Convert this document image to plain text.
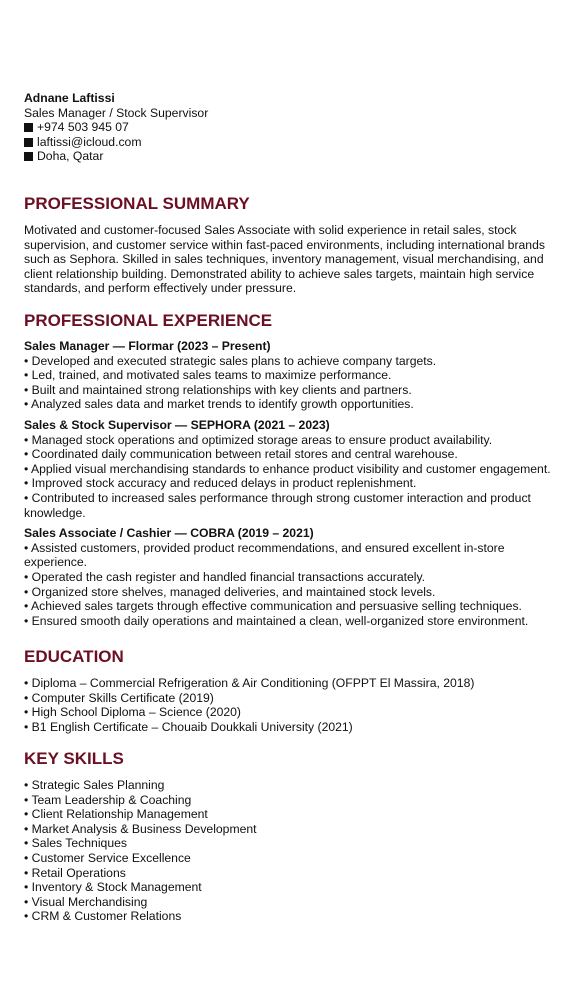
Adnane Laftissi
Sales Manager / Stock Supervisor
+974 503 945 07
laftissi@icloud.com
Doha, Qatar
PROFESSIONAL SUMMARY

Motivated and customer-focused Sales Associate with solid experience in retail sales, stock supervision, and customer service within fast-paced environments, including international brands such as Sephora. Skilled in sales techniques, inventory management, visual merchandising, and client relationship building. Demonstrated ability to achieve sales targets, maintain high service standards, and perform effectively under pressure.

PROFESSIONAL EXPERIENCE
Sales Manager — Flormar (2023 – Present)
• Developed and executed strategic sales plans to achieve company targets.
• Led, trained, and motivated sales teams to maximize performance.
• Built and maintained strong relationships with key clients and partners.
• Analyzed sales data and market trends to identify growth opportunities.
Sales & Stock Supervisor — SEPHORA (2021 – 2023)
• Managed stock operations and optimized storage areas to ensure product availability.
• Coordinated daily communication between retail stores and central warehouse.
• Applied visual merchandising standards to enhance product visibility and customer engagement.
• Improved stock accuracy and reduced delays in product replenishment.
• Contributed to increased sales performance through strong customer interaction and product knowledge.
Sales Associate / Cashier — COBRA (2019 – 2021)
• Assisted customers, provided product recommendations, and ensured excellent in-store experience.
• Operated the cash register and handled financial transactions accurately.
• Organized store shelves, managed deliveries, and maintained stock levels.
• Achieved sales targets through effective communication and persuasive selling techniques.
• Ensured smooth daily operations and maintained a clean, well-organized store environment.
EDUCATION
• Diploma – Commercial Refrigeration & Air Conditioning (OFPPT El Massira, 2018)
• Computer Skills Certificate (2019)
• High School Diploma – Science (2020)
• B1 English Certificate – Chouaib Doukkali University (2021)
KEY SKILLS
• Strategic Sales Planning
• Team Leadership & Coaching
• Client Relationship Management
• Market Analysis & Business Development
• Sales Techniques
• Customer Service Excellence
• Retail Operations
• Inventory & Stock Management
• Visual Merchandising
• CRM & Customer Relations
